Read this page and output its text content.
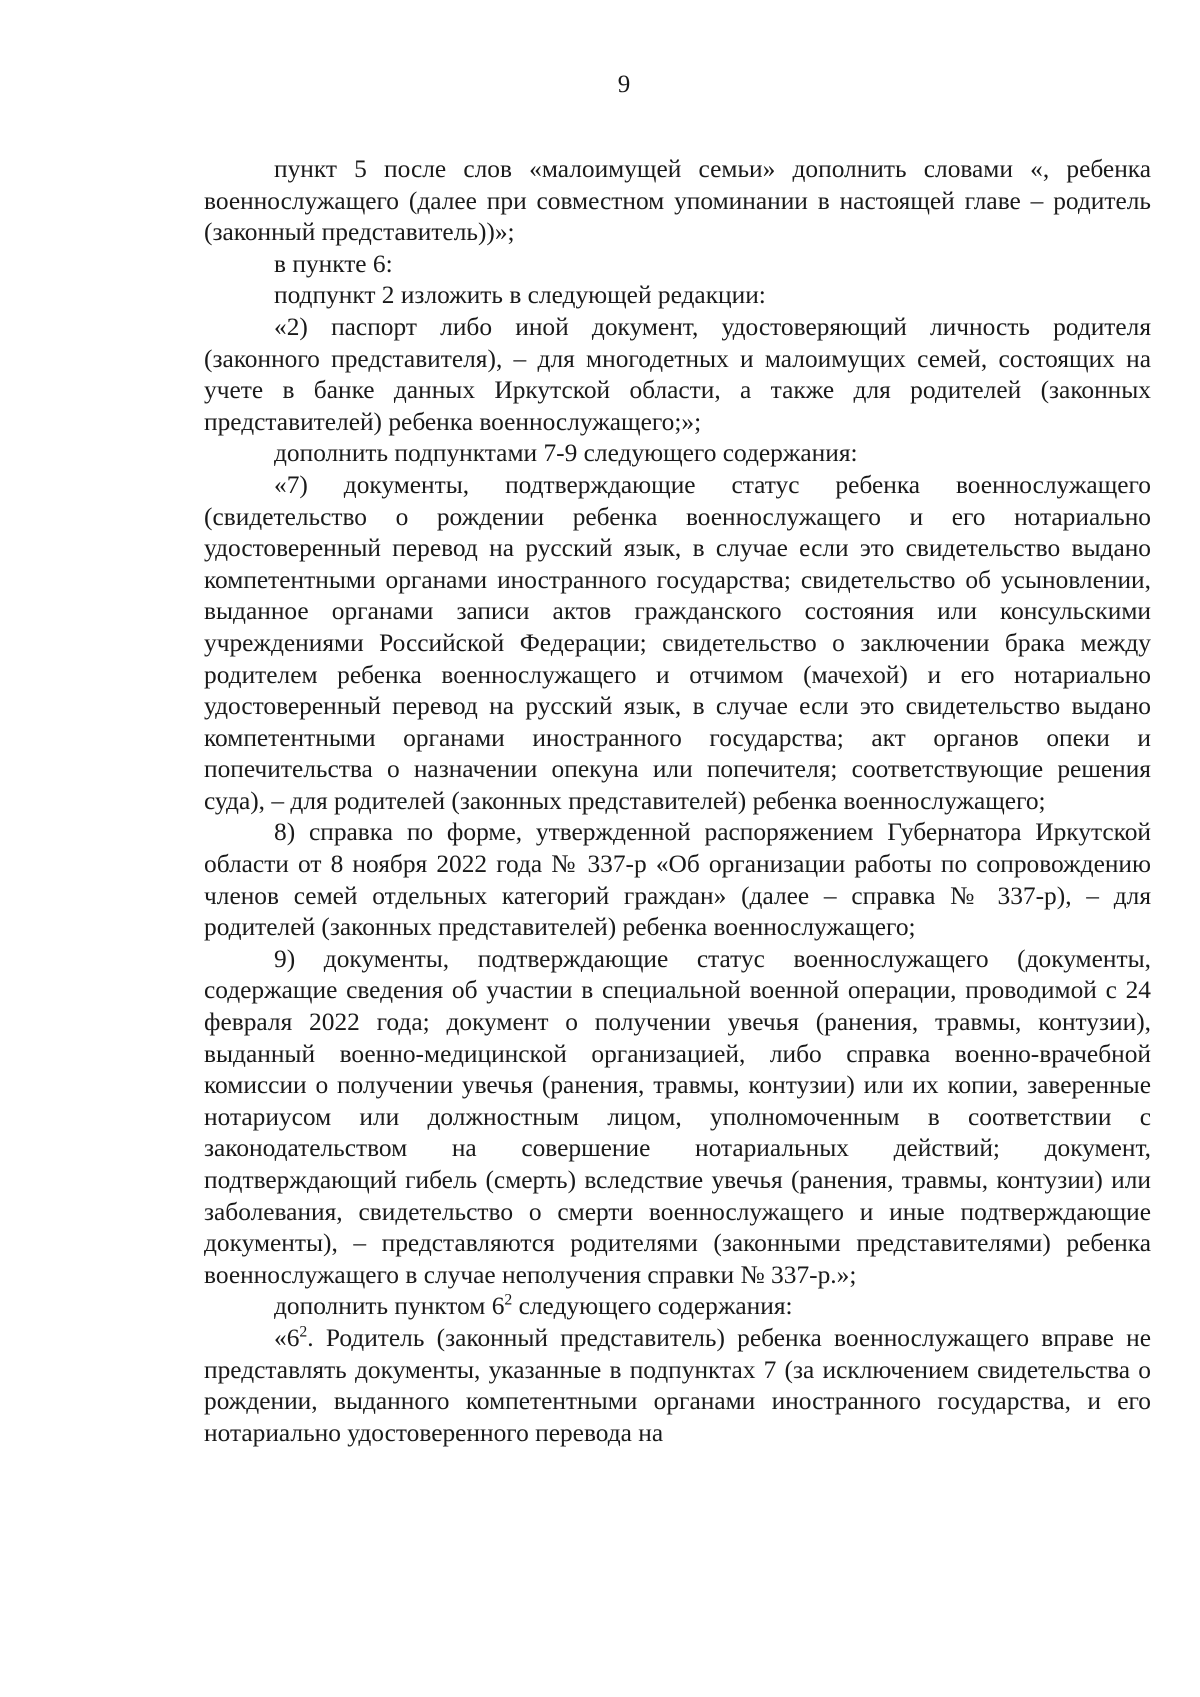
9

пункт 5 после слов «малоимущей семьи» дополнить словами «, ребенка военнослужащего (далее при совместном упоминании в настоящей главе – родитель (законный представитель))»;

в пункте 6:

подпункт 2 изложить в следующей редакции:

«2) паспорт либо иной документ, удостоверяющий личность родителя (законного представителя), – для многодетных и малоимущих семей, состоящих на учете в банке данных Иркутской области, а также для родителей (законных представителей) ребенка военнослужащего;»;

дополнить подпунктами 7-9 следующего содержания:

«7) документы, подтверждающие статус ребенка военнослужащего (свидетельство о рождении ребенка военнослужащего и его нотариально удостоверенный перевод на русский язык, в случае если это свидетельство выдано компетентными органами иностранного государства; свидетельство об усыновлении, выданное органами записи актов гражданского состояния или консульскими учреждениями Российской Федерации; свидетельство о заключении брака между родителем ребенка военнослужащего и отчимом (мачехой) и его нотариально удостоверенный перевод на русский язык, в случае если это свидетельство выдано компетентными органами иностранного государства; акт органов опеки и попечительства о назначении опекуна или попечителя; соответствующие решения суда), – для родителей (законных представителей) ребенка военнослужащего;

8) справка по форме, утвержденной распоряжением Губернатора Иркутской области от 8 ноября 2022 года № 337-р «Об организации работы по сопровождению членов семей отдельных категорий граждан» (далее – справка № 337-р), – для родителей (законных представителей) ребенка военнослужащего;

9) документы, подтверждающие статус военнослужащего (документы, содержащие сведения об участии в специальной военной операции, проводимой с 24 февраля 2022 года; документ о получении увечья (ранения, травмы, контузии), выданный военно-медицинской организацией, либо справка военно-врачебной комиссии о получении увечья (ранения, травмы, контузии) или их копии, заверенные нотариусом или должностным лицом, уполномоченным в соответствии с законодательством на совершение нотариальных действий; документ, подтверждающий гибель (смерть) вследствие увечья (ранения, травмы, контузии) или заболевания, свидетельство о смерти военнослужащего и иные подтверждающие документы), – представляются родителями (законными представителями) ребенка военнослужащего в случае неполучения справки № 337-р.»;

дополнить пунктом $6^2$ следующего содержания:

«$6^2$. Родитель (законный представитель) ребенка военнослужащего вправе не представлять документы, указанные в подпунктах 7 (за исключением свидетельства о рождении, выданного компетентными органами иностранного государства, и его нотариально удостоверенного перевода на
